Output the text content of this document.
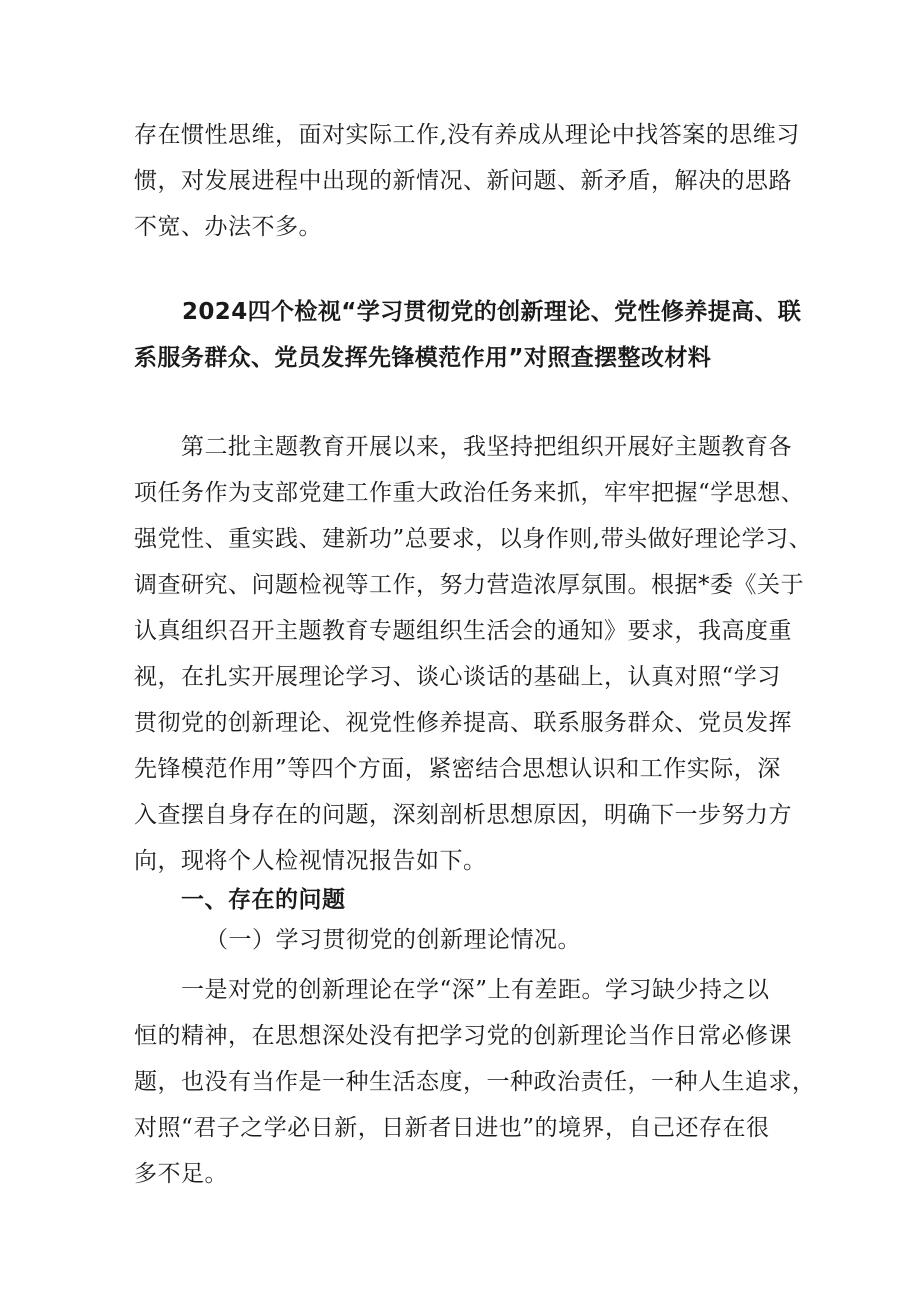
存在惯性思维，面对实际工作,没有养成从理论中找答案的思维习
惯，对发展进程中出现的新情况、新问题、新矛盾，解决的思路
不宽、办法不多。
2024四个检视“学习贯彻党的创新理论、党性修养提高、联
系服务群众、党员发挥先锋模范作用”对照查摆整改材料
第二批主题教育开展以来，我坚持把组织开展好主题教育各
项任务作为支部党建工作重大政治任务来抓，牢牢把握“学思想、
强党性、重实践、建新功”总要求，以身作则,带头做好理论学习、
调查研究、问题检视等工作，努力营造浓厚氛围。根据*委《关于
认真组织召开主题教育专题组织生活会的通知》要求，我高度重
视，在扎实开展理论学习、谈心谈话的基础上，认真对照“学习
贯彻党的创新理论、视党性修养提高、联系服务群众、党员发挥
先锋模范作用”等四个方面，紧密结合思想认识和工作实际，深
入查摆自身存在的问题，深刻剖析思想原因，明确下一步努力方
向，现将个人检视情况报告如下。
一、存在的问题
（一）学习贯彻党的创新理论情况。
一是对党的创新理论在学“深”上有差距。学习缺少持之以
恒的精神，在思想深处没有把学习党的创新理论当作日常必修课
题，也没有当作是一种生活态度，一种政治责任，一种人生追求，
对照“君子之学必日新，日新者日进也”的境界，自己还存在很
多不足。
